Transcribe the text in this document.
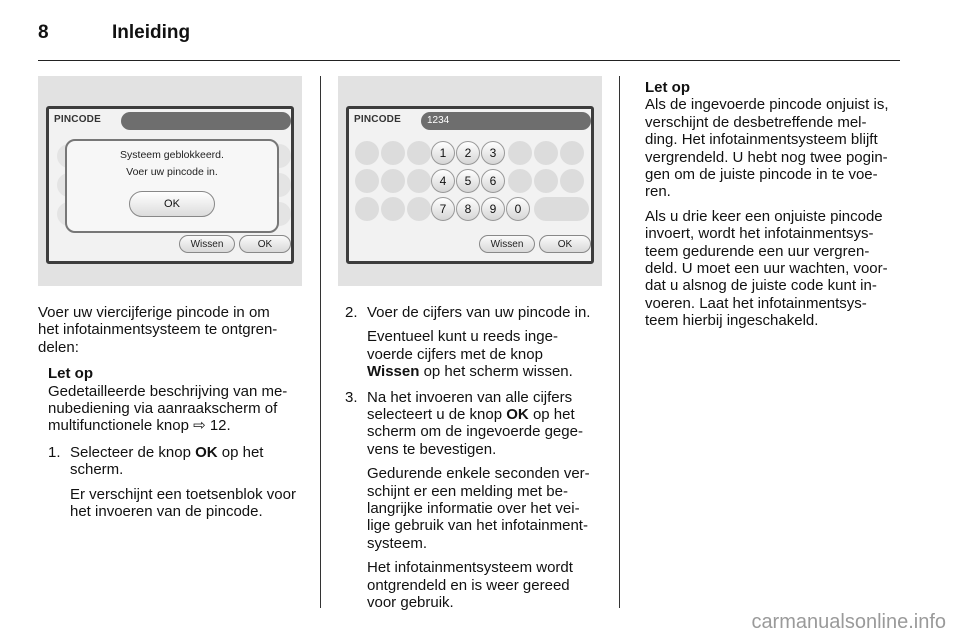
8	Inleiding
PINCODE
Systeem geblokkeerd.
Voer uw pincode in.
OK
Wissen	OK
PINCODE	1234
1	2	3
4	5	6
7	8	9	0
Wissen	OK

Voer uw viercijferige pincode in om

het infotainmentsysteem te ontgren-

delen:

Let op

Gedetailleerde beschrijving van me-

nubediening via aanraakscherm of

multifunctionele knop ⇨ 12.

1. Selecteer de knop OK op het

scherm.

Er verschijnt een toetsenblok voor

het invoeren van de pincode.

2. Voer de cijfers van uw pincode in.

Eventueel kunt u reeds inge-

voerde cijfers met de knop

Wissen op het scherm wissen.

3. Na het invoeren van alle cijfers

selecteert u de knop OK op het

scherm om de ingevoerde gege-

vens te bevestigen.

Gedurende enkele seconden ver-

schijnt er een melding met be-

langrijke informatie over het vei-

lige gebruik van het infotainment-

systeem.

Het infotainmentsysteem wordt

ontgrendeld en is weer gereed

voor gebruik.

Let op

Als de ingevoerde pincode onjuist is,

verschijnt de desbetreffende mel-

ding. Het infotainmentsysteem blijft

vergrendeld. U hebt nog twee pogin-

gen om de juiste pincode in te voe-

ren.

Als u drie keer een onjuiste pincode

invoert, wordt het infotainmentsys-

teem gedurende een uur vergren-

deld. U moet een uur wachten, voor-

dat u alsnog de juiste code kunt in-

voeren. Laat het infotainmentsys-

teem hierbij ingeschakeld.

carmanualsonline.info
